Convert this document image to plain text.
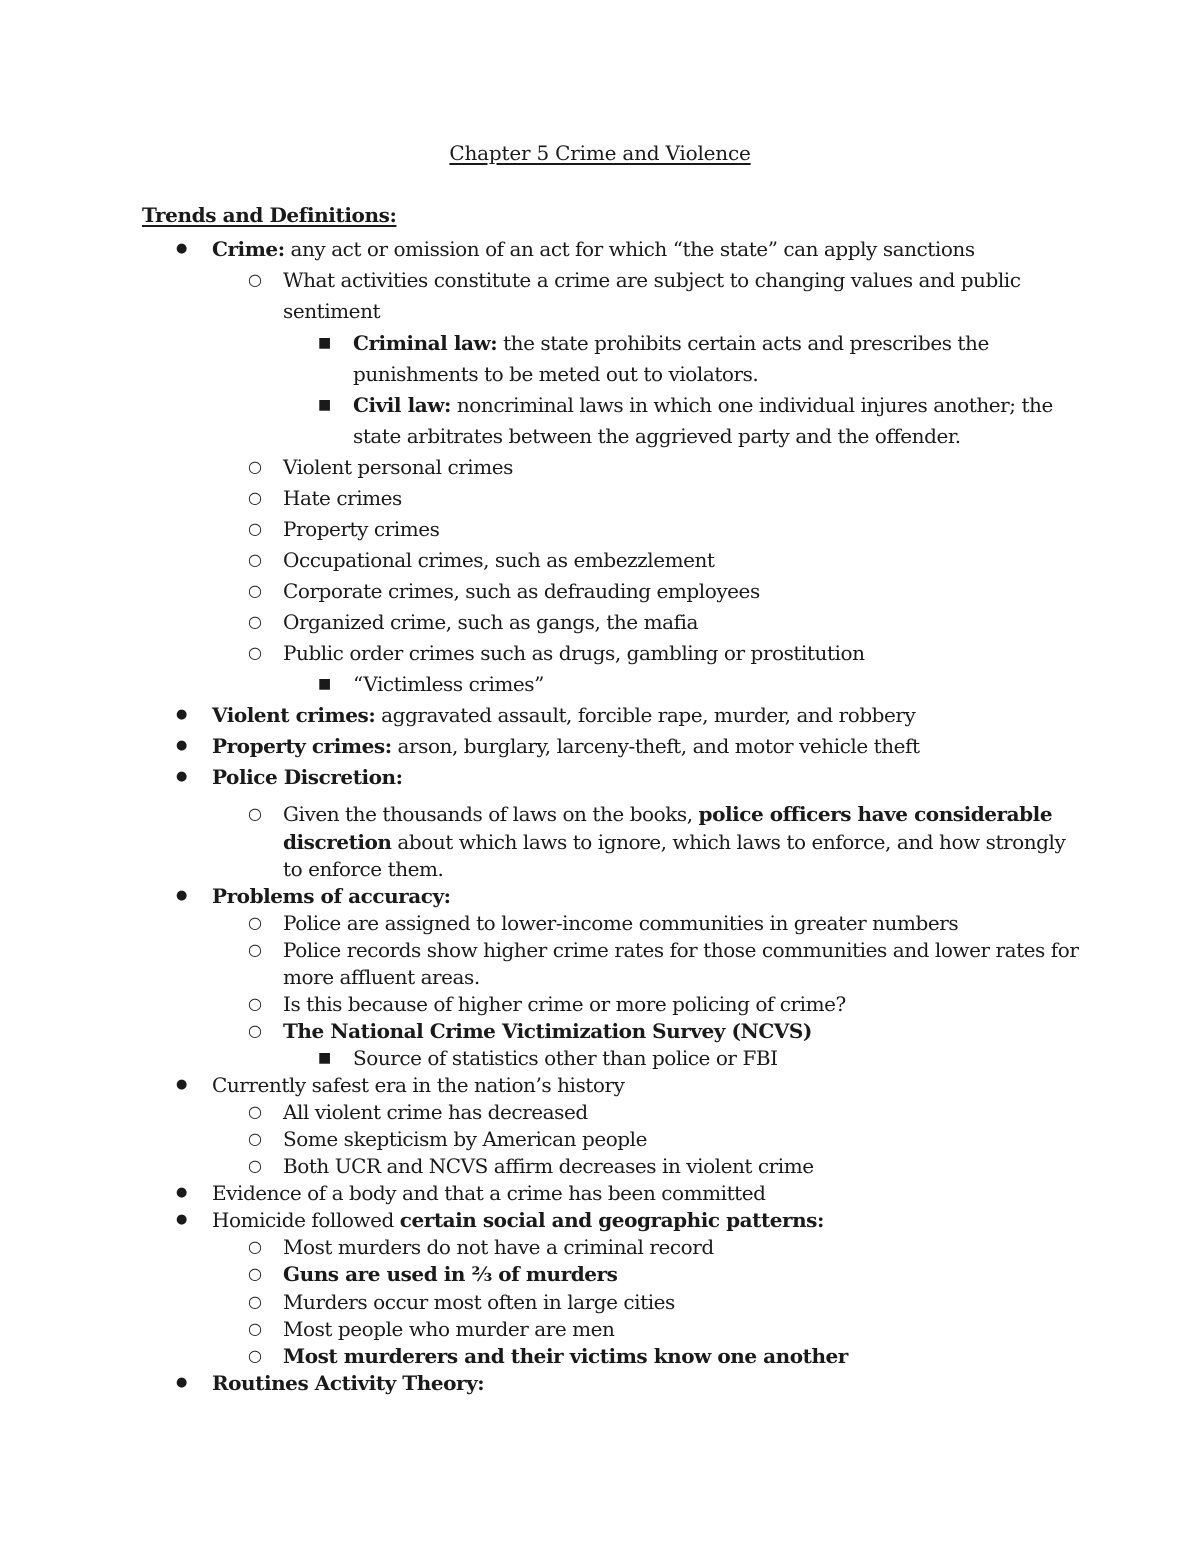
Chapter 5 Crime and Violence
Trends and Definitions:
● Crime: any act or omission of an act for which “the state” can apply sanctions
○ What activities constitute a crime are subject to changing values and public
sentiment
■ Criminal law: the state prohibits certain acts and prescribes the
punishments to be meted out to violators.
■ Civil law: noncriminal laws in which one individual injures another; the
state arbitrates between the aggrieved party and the offender.
○ Violent personal crimes
○ Hate crimes
○ Property crimes
○ Occupational crimes, such as embezzlement
○ Corporate crimes, such as defrauding employees
○ Organized crime, such as gangs, the mafia
○ Public order crimes such as drugs, gambling or prostitution
■ “Victimless crimes”
● Violent crimes: aggravated assault, forcible rape, murder, and robbery
● Property crimes: arson, burglary, larceny-theft, and motor vehicle theft
● Police Discretion:
○ Given the thousands of laws on the books, police officers have considerable
discretion about which laws to ignore, which laws to enforce, and how strongly
to enforce them.
● Problems of accuracy:
○ Police are assigned to lower-income communities in greater numbers
○ Police records show higher crime rates for those communities and lower rates for
more affluent areas.
○ Is this because of higher crime or more policing of crime?
○ The National Crime Victimization Survey (NCVS)
■ Source of statistics other than police or FBI
● Currently safest era in the nation’s history
○ All violent crime has decreased
○ Some skepticism by American people
○ Both UCR and NCVS affirm decreases in violent crime
● Evidence of a body and that a crime has been committed
● Homicide followed certain social and geographic patterns:
○ Most murders do not have a criminal record
○ Guns are used in ⅔ of murders
○ Murders occur most often in large cities
○ Most people who murder are men
○ Most murderers and their victims know one another
● Routines Activity Theory:
